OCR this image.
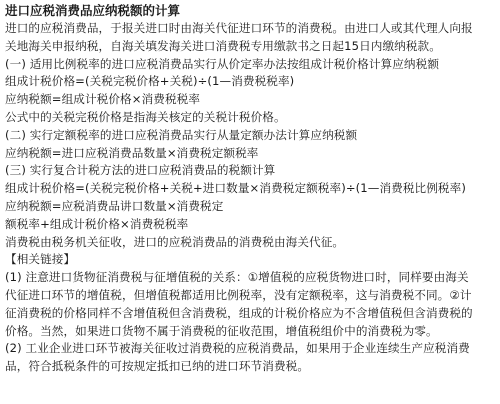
进口应税消费品应纳税额的计算
进口的应税消费品，于报关进口时由海关代征进口环节的消费税。由进口人或其代理人向报
关地海关申报纳税，自海关填发海关进口消费税专用缴款书之日起15日内缴纳税款。
(一) 适用比例税率的进口应税消费品实行从价定率办法按组成计税价格计算应纳税额
组成计税价格=(关税完税价格+关税)÷(1—消费税税率)
应纳税额=组成计税价格×消费税税率
公式中的关税完税价格是指海关核定的关税计税价格。
(二) 实行定额税率的进口应税消费品实行从量定额办法计算应纳税额
应纳税额=进口应税消费品数量×消费税定额税率
(三) 实行复合计税方法的进口应税消费品的税额计算
组成计税价格=(关税完税价格+关税+进口数量×消费税定额税率)÷(1—消费税比例税率)
应纳税额=应税消费品讲口数量×消费税定
额税率+组成计税价格×消费税税率
消费税由税务机关征收，进口的应税消费品的消费税由海关代征。
【相关链接】
(1) 注意进口货物征消费税与征增值税的关系：①增值税的应税货物进口时，同样要由海关
代征进口环节的增值税，但增值税都适用比例税率，没有定额税率，这与消费税不同。②计
征消费税的价格同样不含增值税但含消费税，组成的计税价格应为不含增值税但含消费税的
价格。当然，如果进口货物不属于消费税的征收范围，增值税组价中的消费税为零。
(2) 工业企业进口环节被海关征收过消费税的应税消费品，如果用于企业连续生产应税消费
品，符合抵税条件的可按规定抵扣已纳的进口环节消费税。
